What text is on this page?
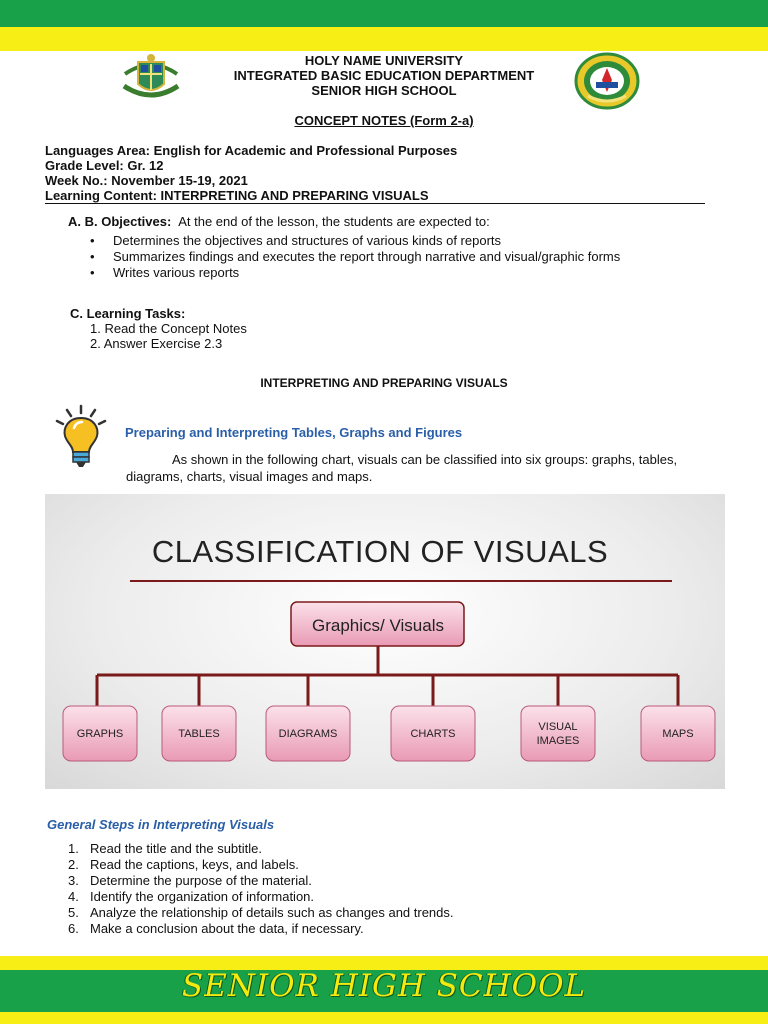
HOLY NAME UNIVERSITY
INTEGRATED BASIC EDUCATION DEPARTMENT
SENIOR HIGH SCHOOL
CONCEPT NOTES (Form 2-a)
Languages Area: English for Academic and Professional Purposes
Grade Level: Gr. 12
Week No.: November 15-19, 2021
Learning Content: INTERPRETING AND PREPARING VISUALS
A. B. Objectives: At the end of the lesson, the students are expected to:
• Determines the objectives and structures of various kinds of reports
• Summarizes findings and executes the report through narrative and visual/graphic forms
• Writes various reports
C. Learning Tasks:
1. Read the Concept Notes
2. Answer Exercise 2.3
INTERPRETING AND PREPARING VISUALS
Preparing and Interpreting Tables, Graphs and Figures
As shown in the following chart, visuals can be classified into six groups: graphs, tables, diagrams, charts, visual images and maps.
CLASSIFICATION OF VISUALS
Graphics/ Visuals
GRAPHS	TABLES	DIAGRAMS	CHARTS
VISUAL IMAGES
MAPS
General Steps in Interpreting Visuals
1. Read the title and the subtitle.
2. Read the captions, keys, and labels.
3. Determine the purpose of the material.
4. Identify the organization of information.
5. Analyze the relationship of details such as changes and trends.
6. Make a conclusion about the data, if necessary.
SENIOR HIGH SCHOOL
